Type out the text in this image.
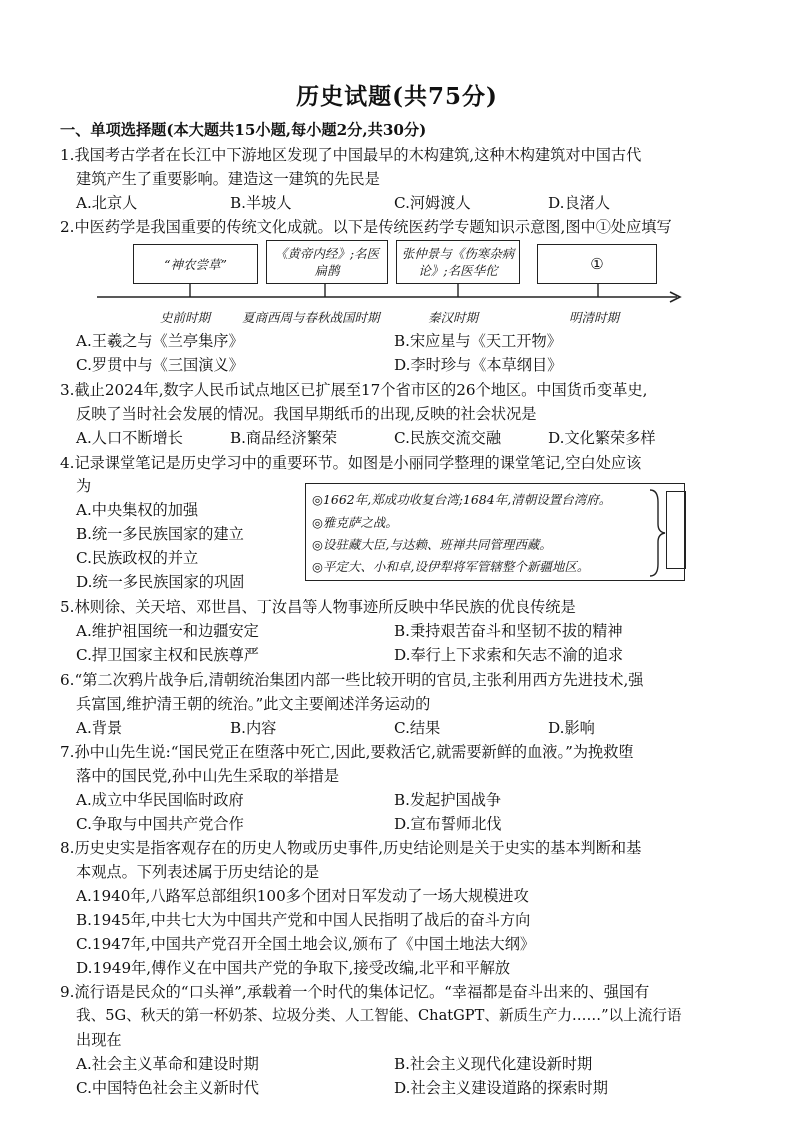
历史试题(共75分)
一、单项选择题(本大题共15小题,每小题2分,共30分)
1.我国考古学者在长江中下游地区发现了中国最早的木构建筑,这种木构建筑对中国古代
建筑产生了重要影响。建造这一建筑的先民是
A.北京人	B.半坡人	C.河姆渡人	D.良渚人
2.中医药学是我国重要的传统文化成就。以下是传统医药学专题知识示意图,图中①处应填写
“神农尝草”
《黄帝内经》;名医扁鹊
张仲景与《伤寒杂病论》;名医华佗	①
史前时期	夏商西周与春秋战国时期	秦汉时期	明清时期
A.王羲之与《兰亭集序》	B.宋应星与《天工开物》
C.罗贯中与《三国演义》	D.李时珍与《本草纲目》
3.截止2024年,数字人民币试点地区已扩展至17个省市区的26个地区。中国货币变革史,
反映了当时社会发展的情况。我国早期纸币的出现,反映的社会状况是
A.人口不断增长	B.商品经济繁荣	C.民族交流交融	D.文化繁荣多样
4.记录课堂笔记是历史学习中的重要环节。如图是小丽同学整理的课堂笔记,空白处应该
为
A.中央集权的加强
B.统一多民族国家的建立
C.民族政权的并立
D.统一多民族国家的巩固
◎1662年,郑成功收复台湾;1684年,清朝设置台湾府。
◎雅克萨之战。
◎设驻藏大臣,与达赖、班禅共同管理西藏。
◎平定大、小和卓,设伊犁将军管辖整个新疆地区。
5.林则徐、关天培、邓世昌、丁汝昌等人物事迹所反映中华民族的优良传统是
A.维护祖国统一和边疆安定	B.秉持艰苦奋斗和坚韧不拔的精神
C.捍卫国家主权和民族尊严	D.奉行上下求索和矢志不渝的追求
6.“第二次鸦片战争后,清朝统治集团内部一些比较开明的官员,主张利用西方先进技术,强
兵富国,维护清王朝的统治。”此文主要阐述洋务运动的
A.背景	B.内容	C.结果	D.影响
7.孙中山先生说:“国民党正在堕落中死亡,因此,要救活它,就需要新鲜的血液。”为挽救堕
落中的国民党,孙中山先生采取的举措是
A.成立中华民国临时政府	B.发起护国战争
C.争取与中国共产党合作	D.宣布誓师北伐
8.历史史实是指客观存在的历史人物或历史事件,历史结论则是关于史实的基本判断和基
本观点。下列表述属于历史结论的是
A.1940年,八路军总部组织100多个团对日军发动了一场大规模进攻
B.1945年,中共七大为中国共产党和中国人民指明了战后的奋斗方向
C.1947年,中国共产党召开全国土地会议,颁布了《中国土地法大纲》
D.1949年,傅作义在中国共产党的争取下,接受改编,北平和平解放
9.流行语是民众的“口头禅”,承载着一个时代的集体记忆。“幸福都是奋斗出来的、强国有
我、5G、秋天的第一杯奶茶、垃圾分类、人工智能、ChatGPT、新质生产力……”以上流行语
出现在
A.社会主义革命和建设时期	B.社会主义现代化建设新时期
C.中国特色社会主义新时代	D.社会主义建设道路的探索时期
